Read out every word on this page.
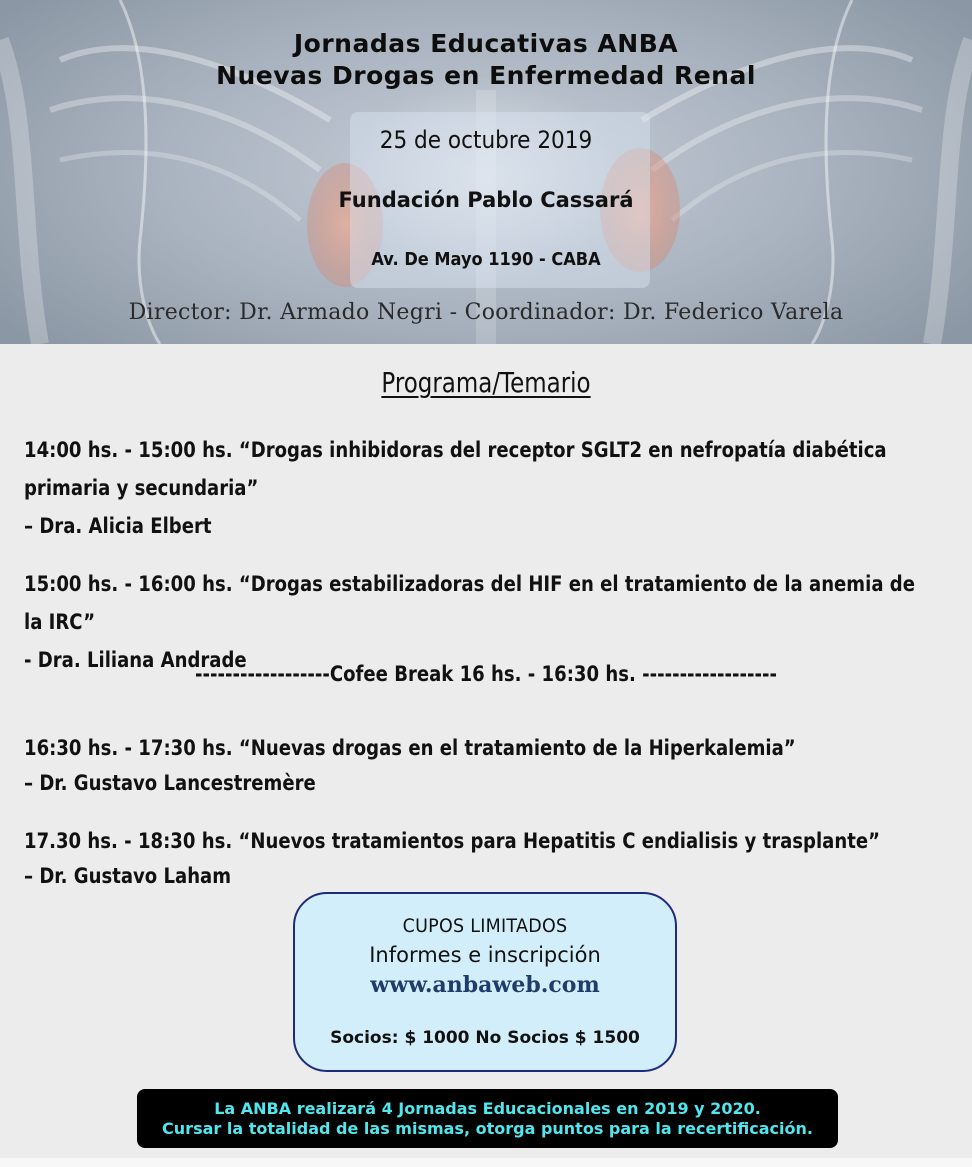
Jornadas Educativas ANBA
Nuevas Drogas en Enfermedad Renal
25 de octubre 2019
Fundación Pablo Cassará
Av. De Mayo 1190 - CABA
Director: Dr. Armado Negri - Coordinador: Dr. Federico Varela
Programa/Temario
14:00 hs. - 15:00 hs. “Drogas inhibidoras del receptor SGLT2 en nefropatía diabética primaria y secundaria”
– Dra. Alicia Elbert
15:00 hs. - 16:00 hs. “Drogas estabilizadoras del HIF en el tratamiento de la anemia de la IRC”
- Dra. Liliana Andrade
------------------Cofee Break 16 hs. - 16:30 hs. ------------------
16:30 hs. - 17:30 hs. “Nuevas drogas en el tratamiento de la Hiperkalemia”
– Dr. Gustavo Lancestremère
17.30 hs. - 18:30 hs. “Nuevos tratamientos para Hepatitis C endialisis y trasplante”
– Dr. Gustavo Laham
CUPOS LIMITADOS
Informes e inscripción
www.anbaweb.com
Socios: $ 1000 No Socios $ 1500
La ANBA realizará 4 Jornadas Educacionales en 2019 y 2020.
Cursar la totalidad de las mismas, otorga puntos para la recertificación.
